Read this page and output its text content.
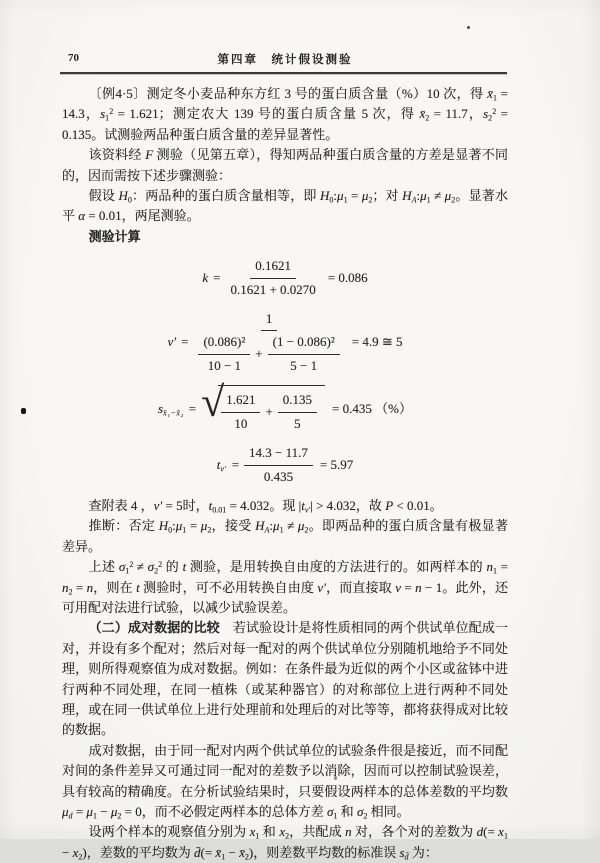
70	第四章　统计假设测验

〔例4·5〕测定冬小麦品种东方红 3 号的蛋白质含量（%）10 次，得 $x̄_1 = 14.3$，$s_1^2 = 1.621$；测定农大 139 号的蛋白质含量 5 次，得 $x̄_2 = 11.7$，$s_2^2 = 0.135$。试测验两品种蛋白质含量的差异显著性。

该资料经 F 测验（见第五章），得知两品种蛋白质含量的方差是显著不同的，因而需按下述步骤测验：

假设 $H_0$：两品种的蛋白质含量相等，即 $H_0:\mu_1 = \mu_2$；对 $H_A:\mu_1 \ne \mu_2$。显著水平 α = 0.01，两尾测验。

测验计算

$k = \frac{0.1621}{0.1621 + 0.0270} = 0.086$
ν′ =
1
$\frac{\text{(0.086)²}}{10 - 1} + \frac{\text{(1 − 0.086)²}}{5 - 1} = 4.9$ ≅ 5
$s_{x̄_1-x̄_2}$ = √
$\frac{1.621}{10} + \frac{0.135}{5} = 0.435$ （%）
$t_{\nu'} = \frac{14.3 - 11.7}{0.435} = 5.97$

查附表 4 ，ν′ = 5时，$t_{0.01} = 4.032$。现 $|t_{\nu'}| > 4.032$，故 P < 0.01。

推断：否定 $H_0:\mu_1 = \mu_2$，接受 $H_A:\mu_1 \ne \mu_2$。即两品种的蛋白质含量有极显著差异。

上述 $\sigma_1^2 \ne \sigma_2^2$ 的 t 测验，是用转换自由度的方法进行的。如两样本的 $n_1 = n_2 = n$，则在 t 测验时，可不必用转换自由度 ν′，而直接取 ν = n − 1。此外，还可用配对法进行试验，以减少试验误差。

（二）成对数据的比较　若试验设计是将性质相同的两个供试单位配成一对，并设有多个配对；然后对每一配对的两个供试单位分别随机地给予不同处理，则所得观察值为成对数据。例如：在条件最为近似的两个小区或盆钵中进行两种不同处理，在同一植株（或某种器官）的对称部位上进行两种不同处理，或在同一供试单位上进行处理前和处理后的对比等等，都将获得成对比较的数据。

成对数据，由于同一配对内两个供试单位的试验条件很是接近，而不同配对间的条件差异又可通过同一配对的差数予以消除，因而可以控制试验误差，具有较高的精确度。在分析试验结果时，只要假设两样本的总体差数的平均数 $\mu_d = \mu_1 - \mu_2 = 0$，而不必假定两样本的总体方差 $\sigma_1$ 和 $\sigma_2$ 相同。

设两个样本的观察值分别为 $x_1$ 和 $x_2$，共配成 n 对，各个对的差数为 $d(= x_1 - x_2)$，差数的平均数为 d̄(= $x̄_1$ − $x̄_2$)，则差数平均数的标准误 $s_{d̄}$ 为：
